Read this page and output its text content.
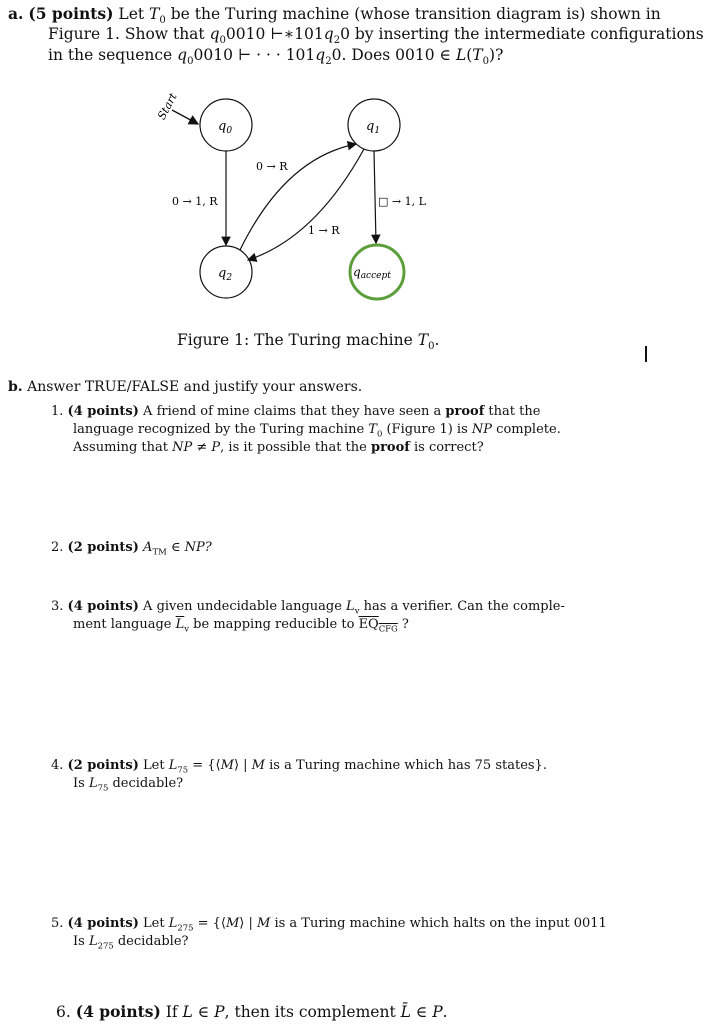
a. (5 points) Let $T_0$ be the Turing machine (whose transition diagram is) shown in
Figure 1. Show that $q_00010$ $⊢∗101q_20$ by inserting the intermediate configurations
in the sequence $q_00010$ ⊢ · · · $101q_20$. Does 0010 ∈ $L(T_0)$?
Start
$q_0$	$q_1$
$q_2$	qaccept
0 → R
0 → 1, R
1 → R
□ → 1, L
Figure 1: The Turing machine $T_0$.
b. Answer TRUE/FALSE and justify your answers.
1. (4 points) A friend of mine claims that they have seen a proof that the
language recognized by the Turing machine $T_0$ (Figure 1) is NP complete.
Assuming that NP ≠ P, is it possible that the proof is correct?
2. (2 points) $A_{TM}$ ∈ NP?
3. (4 points) A given undecidable language $L_v$ has a verifier. Can the comple-
ment language $\overline{L}_v$ be mapping reducible to $\overline{EQ}_{\overline{CFG}}$ ?
4. (2 points) Let $L_{75}$ = {⟨M⟩ | M is a Turing machine which has 75 states}.
Is $L_{75}$ decidable?
5. (4 points) Let $L_{275}$ = {⟨M⟩ | M is a Turing machine which halts on the input 0011
Is $L_{275}$ decidable?
6. (4 points) If L ∈ P, then its complement L̄ ∈ P.
